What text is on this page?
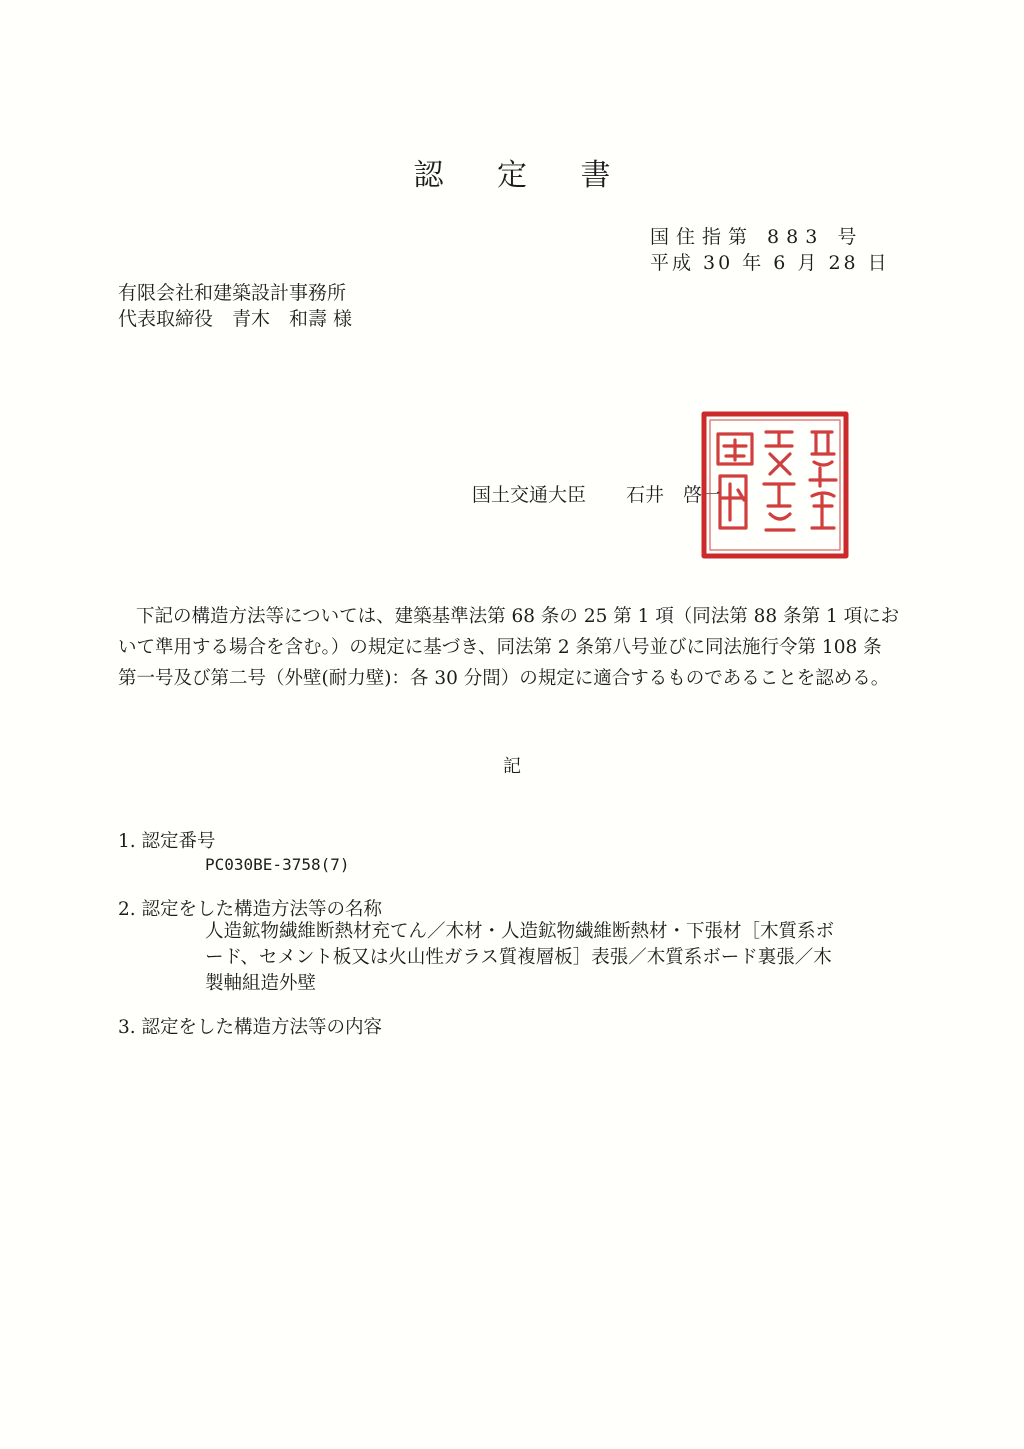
認 定 書
国住指第 883 号
平成 30 年 6 月 28 日
有限会社和建築設計事務所
代表取締役　青木　和壽 様
国土交通大臣 石井　啓一

下記の構造方法等については、建築基準法第 68 条の 25 第 1 項（同法第 88 条第 1 項にお

いて準用する場合を含む。）の規定に基づき、同法第 2 条第八号並びに同法施行令第 108 条

第一号及び第二号（外壁(耐力壁)：各 30 分間）の規定に適合するものであることを認める。

記
1. 認定番号
PC030BE-3758(7)
2. 認定をした構造方法等の名称
人造鉱物繊維断熱材充てん／木材・人造鉱物繊維断熱材・下張材［木質系ボ
ード、セメント板又は火山性ガラス質複層板］表張／木質系ボード裏張／木
製軸組造外壁
3. 認定をした構造方法等の内容
